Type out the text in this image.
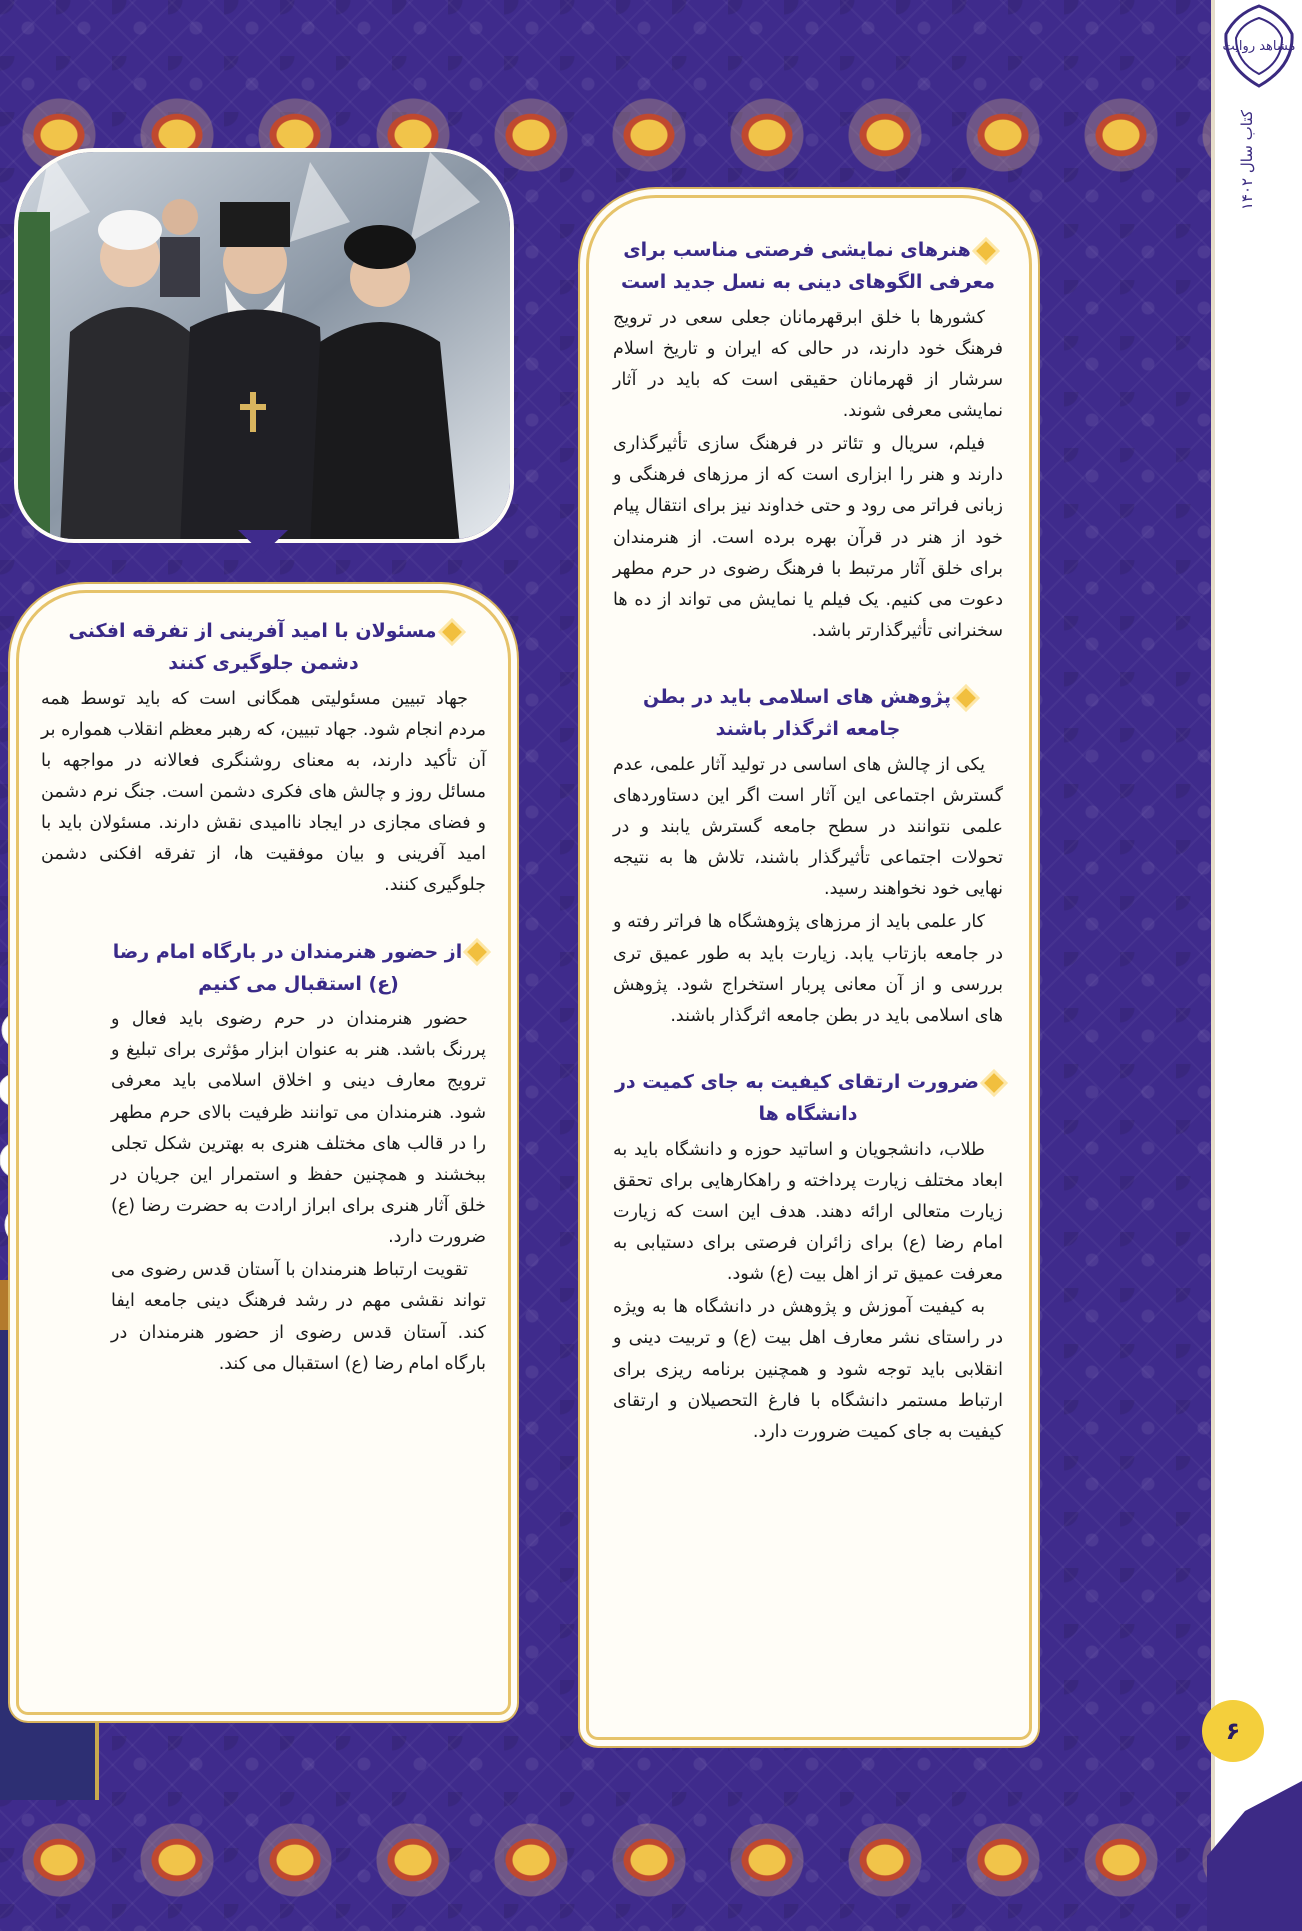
هنرهای نمایشی فرصتی مناسب برای معرفی الگوهای دینی به نسل جدید است

کشورها با خلق ابرقهرمانان جعلی سعی در ترویج فرهنگ خود دارند، در حالی که ایران و تاریخ اسلام سرشار از قهرمانان حقیقی است که باید در آثار نمایشی معرفی شوند.

فیلم، سریال و تئاتر در فرهنگ سازی تأثیرگذاری دارند و هنر را ابزاری است که از مرزهای فرهنگی و زبانی فراتر می رود و حتی خداوند نیز برای انتقال پیام خود از هنر در قرآن بهره برده است. از هنرمندان برای خلق آثار مرتبط با فرهنگ رضوی در حرم مطهر دعوت می کنیم. یک فیلم یا نمایش می تواند از ده ها سخنرانی تأثیرگذارتر باشد.

پژوهش های اسلامی باید در بطن جامعه اثرگذار باشند

یکی از چالش های اساسی در تولید آثار علمی، عدم گسترش اجتماعی این آثار است اگر این دستاوردهای علمی نتوانند در سطح جامعه گسترش یابند و در تحولات اجتماعی تأثیرگذار باشند، تلاش ها به نتیجه نهایی خود نخواهند رسید.

کار علمی باید از مرزهای پژوهشگاه ها فراتر رفته و در جامعه بازتاب یابد. زیارت باید به طور عمیق تری بررسی و از آن معانی پربار استخراج شود. پژوهش های اسلامی باید در بطن جامعه اثرگذار باشند.

ضرورت ارتقای کیفیت به جای کمیت در دانشگاه ها

طلاب، دانشجویان و اساتید حوزه و دانشگاه باید به ابعاد مختلف زیارت پرداخته و راهکارهایی برای تحقق زیارت متعالی ارائه دهند. هدف این است که زیارت امام رضا (ع) برای زائران فرصتی برای دستیابی به معرفت عمیق تر از اهل بیت (ع) شود.

به کیفیت آموزش و پژوهش در دانشگاه ها به ویژه در راستای نشر معارف اهل بیت (ع) و تربیت دینی و انقلابی باید توجه شود و همچنین برنامه ریزی برای ارتباط مستمر دانشگاه با فارغ التحصیلان و ارتقای کیفیت به جای کمیت ضرورت دارد.

مسئولان با امید آفرینی از تفرقه افکنی دشمن جلوگیری کنند

جهاد تبیین مسئولیتی همگانی است که باید توسط همه مردم انجام شود. جهاد تبیین، که رهبر معظم انقلاب همواره بر آن تأکید دارند، به معنای روشنگری فعالانه در مواجهه با مسائل روز و چالش های فکری دشمن است. جنگ نرم دشمن و فضای مجازی در ایجاد ناامیدی نقش دارند. مسئولان باید با امید آفرینی و بیان موفقیت ها، از تفرقه افکنی دشمن جلوگیری کنند.

از حضور هنرمندان در بارگاه امام رضا (ع) استقبال می کنیم

حضور هنرمندان در حرم رضوی باید فعال و پررنگ باشد. هنر به عنوان ابزار مؤثری برای تبلیغ و ترویج معارف دینی و اخلاق اسلامی باید معرفی شود. هنرمندان می توانند ظرفیت بالای حرم مطهر را در قالب های مختلف هنری به بهترین شکل تجلی ببخشند و همچنین حفظ و استمرار این جریان در خلق آثار هنری برای ابراز ارادت به حضرت رضا (ع) ضرورت دارد.

تقویت ارتباط هنرمندان با آستان قدس رضوی می تواند نقشی مهم در رشد فرهنگ دینی جامعه ایفا کند. آستان قدس رضوی از حضور هنرمندان در بارگاه امام رضا (ع) استقبال می کند.

مشاهد روایت
کتاب سال ۱۴۰۲
۶
